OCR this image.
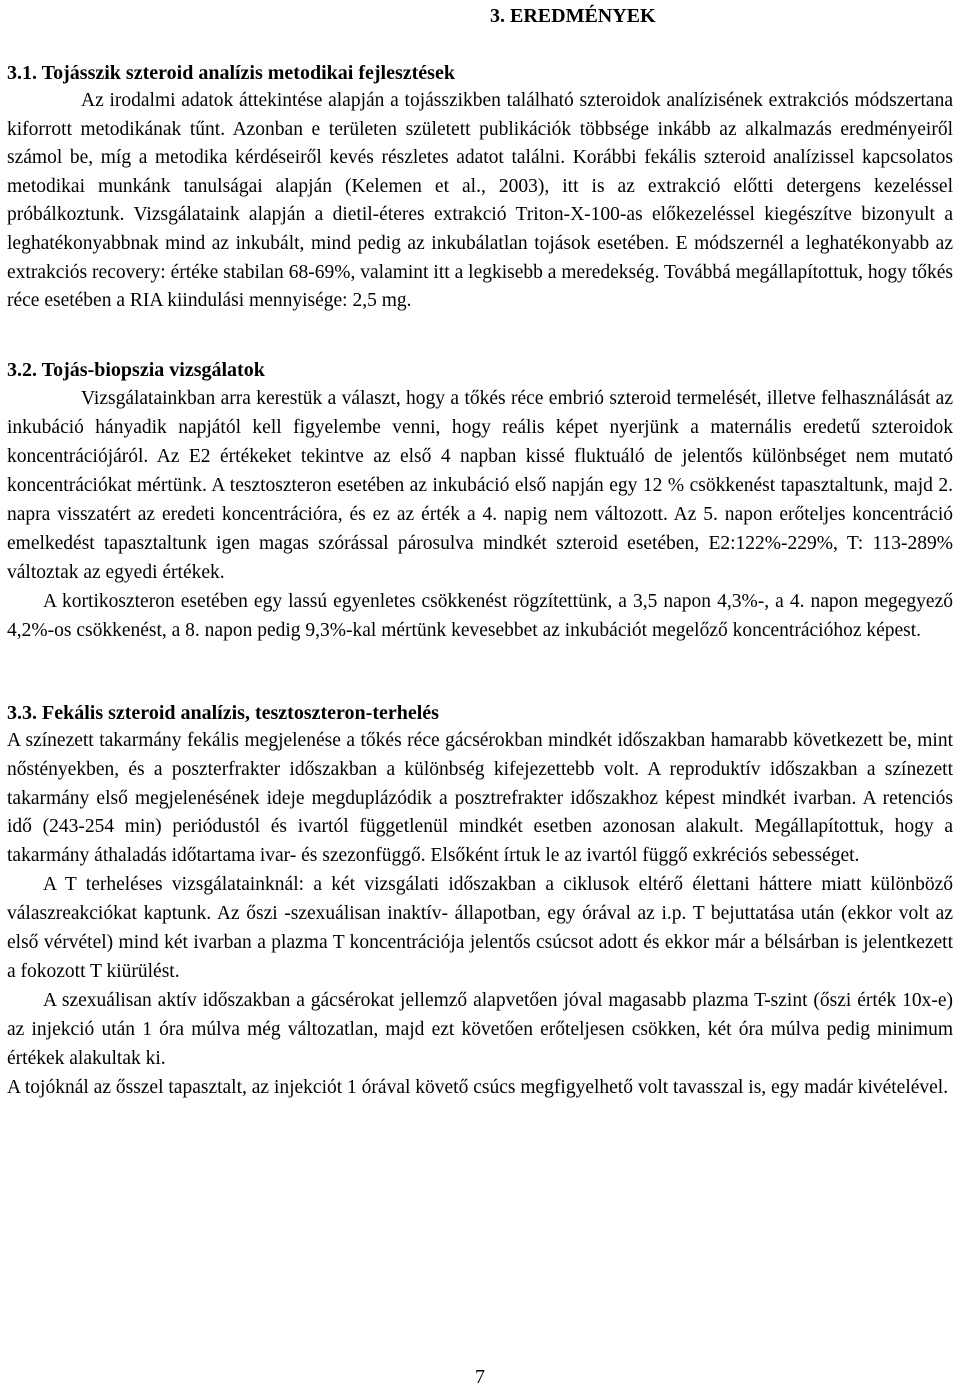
3. EREDMÉNYEK
3.1. Tojásszik szteroid analízis metodikai fejlesztések

Az irodalmi adatok áttekintése alapján a tojásszikben található szteroidok analízisének extrakciós módszertana kiforrott metodikának tűnt. Azonban e területen született publikációk többsége inkább az alkalmazás eredményeiről számol be, míg a metodika kérdéseiről kevés részletes adatot találni. Korábbi fekális szteroid analízissel kapcsolatos metodikai munkánk tanulságai alapján (Kelemen et al., 2003), itt is az extrakció előtti detergens kezeléssel próbálkoztunk. Vizsgálataink alapján a dietil-éteres extrakció Triton-X-100-as előkezeléssel kiegészítve bizonyult a leghatékonyabbnak mind az inkubált, mind pedig az inkubálatlan tojások esetében. E módszernél a leghatékonyabb az extrakciós recovery: értéke stabilan 68-69%, valamint itt a legkisebb a meredekség. Továbbá megállapítottuk, hogy tőkés réce esetében a RIA kiindulási mennyisége: 2,5 mg.

3.2. Tojás-biopszia vizsgálatok

Vizsgálatainkban arra kerestük a választ, hogy a tőkés réce embrió szteroid termelését, illetve felhasználását az inkubáció hányadik napjától kell figyelembe venni, hogy reális képet nyerjünk a maternális eredetű szteroidok koncentrációjáról. Az E2 értékeket tekintve az első 4 napban kissé fluktuáló de jelentős különbséget nem mutató koncentrációkat mértünk. A tesztoszteron esetében az inkubáció első napján egy 12 % csökkenést tapasztaltunk, majd 2. napra visszatért az eredeti koncentrációra, és ez az érték a 4. napig nem változott. Az 5. napon erőteljes koncentráció emelkedést tapasztaltunk igen magas szórással párosulva mindkét szteroid esetében, E2:122%-229%, T: 113-289% változtak az egyedi értékek.

A kortikoszteron esetében egy lassú egyenletes csökkenést rögzítettünk, a 3,5 napon 4,3%-, a 4. napon megegyező 4,2%-os csökkenést, a 8. napon pedig 9,3%-kal mértünk kevesebbet az inkubációt megelőző koncentrációhoz képest.

3.3. Fekális szteroid analízis, tesztoszteron-terhelés

A színezett takarmány fekális megjelenése a tőkés réce gácsérokban mindkét időszakban hamarabb következett be, mint nőstényekben, és a poszterfrakter időszakban a különbség kifejezettebb volt. A reproduktív időszakban a színezett takarmány első megjelenésének ideje megduplázódik a posztrefrakter időszakhoz képest mindkét ivarban. A retenciós idő (243-254 min) periódustól és ivartól függetlenül mindkét esetben azonosan alakult. Megállapítottuk, hogy a takarmány áthaladás időtartama ivar- és szezonfüggő. Elsőként írtuk le az ivartól függő exkréciós sebességet.

A T terheléses vizsgálatainknál: a két vizsgálati időszakban a ciklusok eltérő élettani háttere miatt különböző válaszreakciókat kaptunk. Az őszi -szexuálisan inaktív- állapotban, egy órával az i.p. T bejuttatása után (ekkor volt az első vérvétel) mind két ivarban a plazma T koncentrációja jelentős csúcsot adott és ekkor már a bélsárban is jelentkezett a fokozott T kiürülést.

A szexuálisan aktív időszakban a gácsérokat jellemző alapvetően jóval magasabb plazma T-szint (őszi érték 10x-e) az injekció után 1 óra múlva még változatlan, majd ezt követően erőteljesen csökken, két óra múlva pedig minimum értékek alakultak ki.

A tojóknál az ősszel tapasztalt, az injekciót 1 órával követő csúcs megfigyelhető volt tavasszal is, egy madár kivételével.

7
